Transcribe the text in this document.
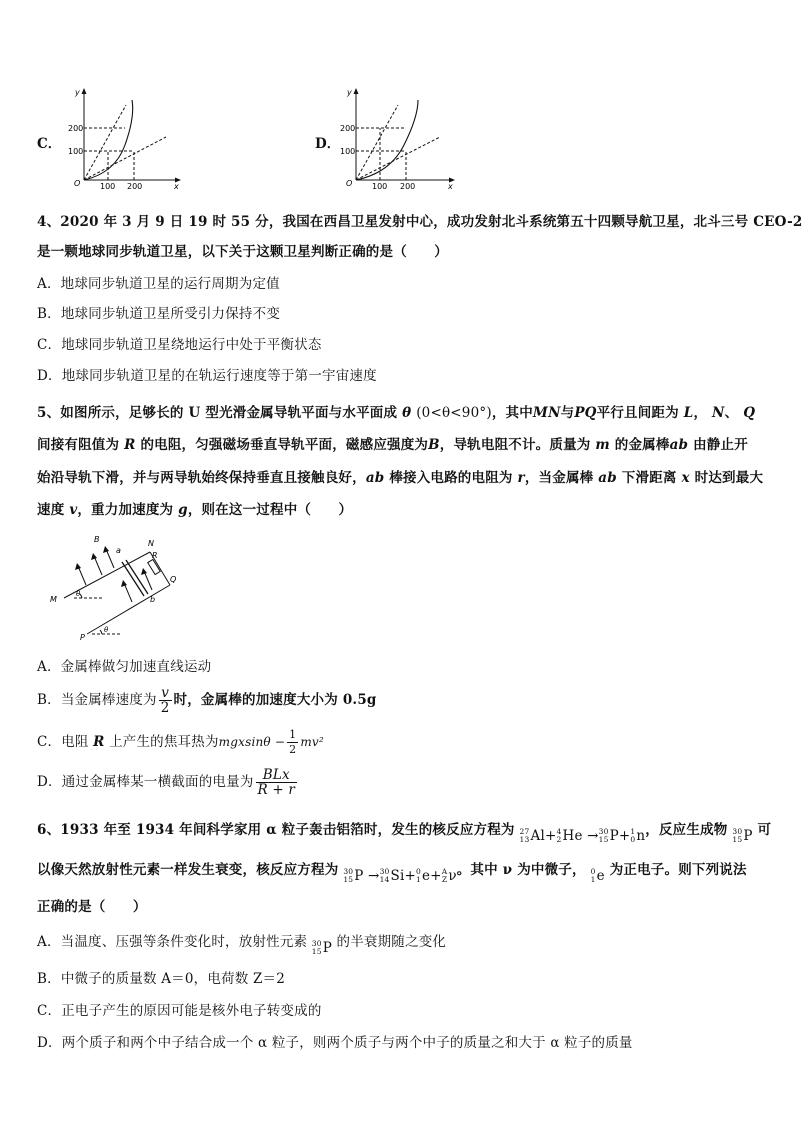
C．
y
x
O
200
100
100 200
D．
y
x
O
200
100
100 200
4、2020 年 3 月 9 日 19 时 55 分，我国在西昌卫星发射中心，成功发射北斗系统第五十四颗导航卫星，北斗三号 CEO-2
是一颗地球同步轨道卫星，以下关于这颗卫星判断正确的是（　　）
A．地球同步轨道卫星的运行周期为定值
B．地球同步轨道卫星所受引力保持不变
C．地球同步轨道卫星绕地运行中处于平衡状态
D．地球同步轨道卫星的在轨运行速度等于第一宇宙速度
5、如图所示，足够长的 U 型光滑金属导轨平面与水平面成 θ (0<θ<90°)，其中MN与PQ平行且间距为 L， N、 Q
间接有阻值为 R 的电阻，匀强磁场垂直导轨平面，磁感应强度为B，导轨电阻不计。质量为 m 的金属棒ab 由静止开
始沿导轨下滑，并与两导轨始终保持垂直且接触良好，ab 棒接入电路的电阻为 r，当金属棒 ab 下滑距离 x 时达到最大
速度 v，重力加速度为 g，则在这一过程中（　　）
B
a
N
R
Q
M
θ
b
P
θ
A．金属棒做匀加速直线运动
B．当金属棒速度为 $\frac{v}{2}$ 时，金属棒的加速度大小为 0.5g
C．电阻 R 上产生的焦耳热为$mgxsin\theta - \frac{1}{2} mv^2$
D．通过金属棒某一横截面的电量为 $\frac{\text{BLx}}{R + r}$
6、1933 年至 1934 年间科学家用 α 粒子轰击铝箔时，发生的核反应方程为 27
13 Al+ 4
2 He → 30
15 P+ 1
0 n，反应生成物 30
15 P 可
以像天然放射性元素一样发生衰变，核反应方程为 30
15 P → 30
14 Si+ 0
1 e+ A
Z ν。其中 ν 为中微子， 0
1 e 为正电子。则下列说法
正确的是（　　）
A．当温度、压强等条件变化时，放射性元素 30
15 P 的半衰期随之变化
B．中微子的质量数 A＝0，电荷数 Z＝2
C．正电子产生的原因可能是核外电子转变成的
D．两个质子和两个中子结合成一个 α 粒子，则两个质子与两个中子的质量之和大于 α 粒子的质量
